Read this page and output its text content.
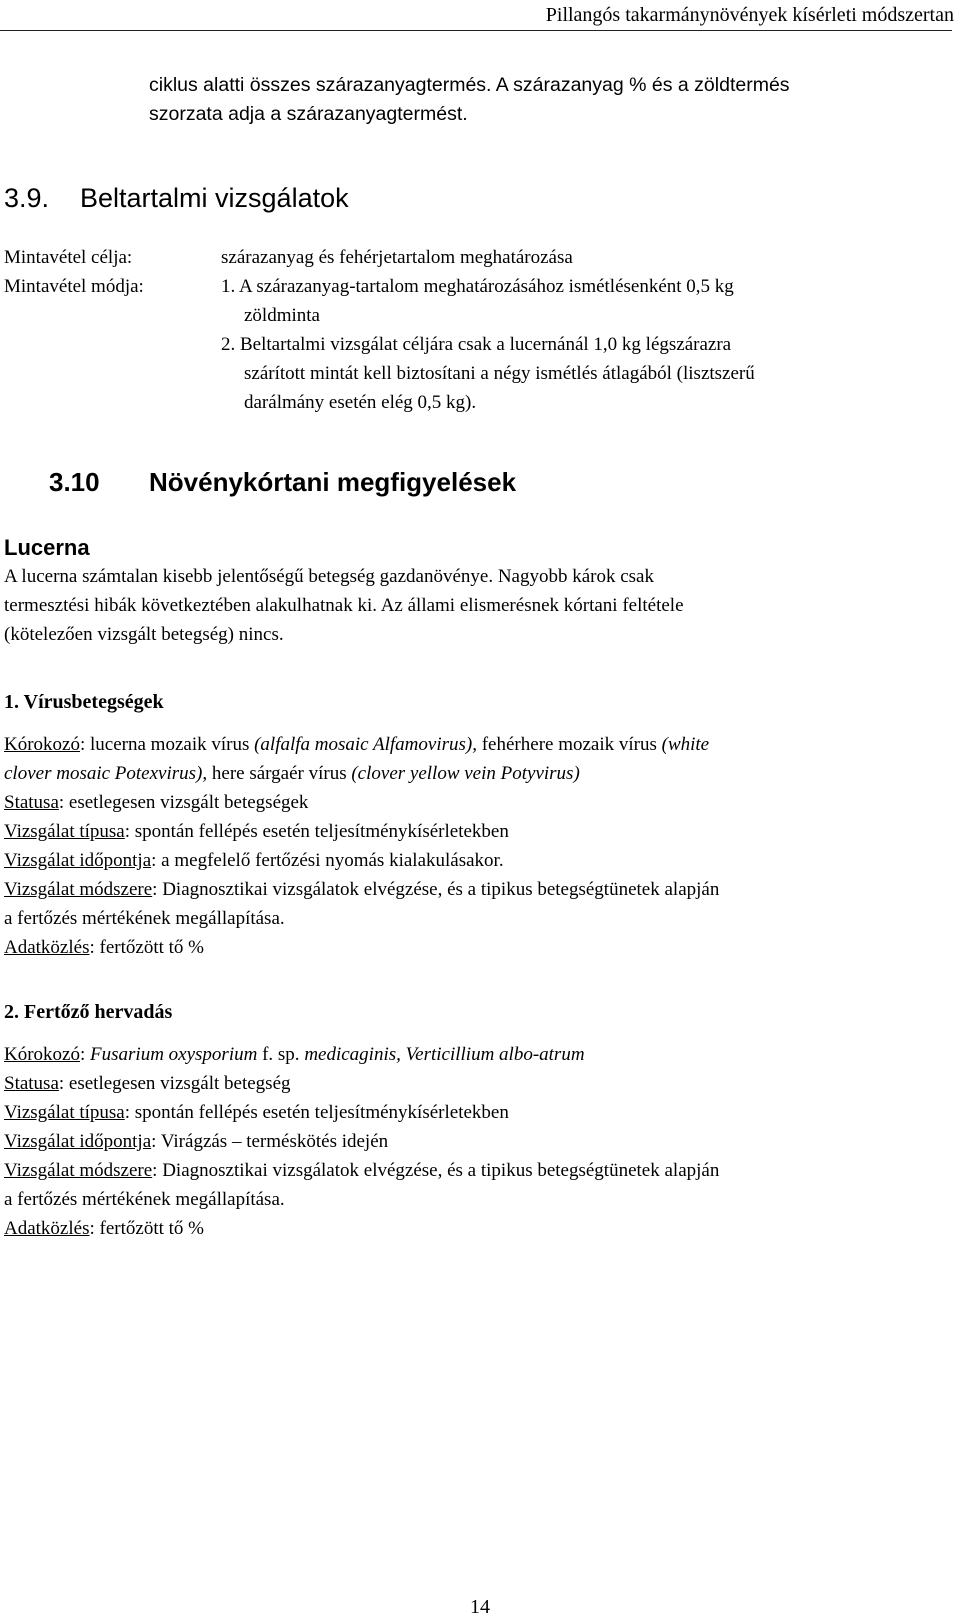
Pillangós takarmánynövények kísérleti módszertan
ciklus alatti összes szárazanyagtermés. A szárazanyag % és a zöldtermés
szorzata adja a szárazanyagtermést.
3.9. Beltartalmi vizsgálatok
Mintavétel célja:	szárazanyag és fehérjetartalom meghatározása
Mintavétel módja:	1. A szárazanyag-tartalom meghatározásához ismétlésenként 0,5 kg
zöldminta
2. Beltartalmi vizsgálat céljára csak a lucernánál 1,0 kg légszárazra
szárított mintát kell biztosítani a négy ismétlés átlagából (lisztszerű
darálmány esetén elég 0,5 kg).
3.10 Növénykórtani megfigyelések
Lucerna
A lucerna számtalan kisebb jelentőségű betegség gazdanövénye. Nagyobb károk csak
termesztési hibák következtében alakulhatnak ki. Az állami elismerésnek kórtani feltétele
(kötelezően vizsgált betegség) nincs.
1. Vírusbetegségek
Kórokozó: lucerna mozaik vírus (alfalfa mosaic Alfamovirus), fehérhere mozaik vírus (white
clover mosaic Potexvirus), here sárgaér vírus (clover yellow vein Potyvirus)
Statusa: esetlegesen vizsgált betegségek
Vizsgálat típusa: spontán fellépés esetén teljesítménykísérletekben
Vizsgálat időpontja: a megfelelő fertőzési nyomás kialakulásakor.
Vizsgálat módszere: Diagnosztikai vizsgálatok elvégzése, és a tipikus betegségtünetek alapján
a fertőzés mértékének megállapítása.
Adatközlés: fertőzött tő %
2. Fertőző hervadás
Kórokozó: Fusarium oxysporium f. sp. medicaginis, Verticillium albo-atrum
Statusa: esetlegesen vizsgált betegség
Vizsgálat típusa: spontán fellépés esetén teljesítménykísérletekben
Vizsgálat időpontja: Virágzás – terméskötés idején
Vizsgálat módszere: Diagnosztikai vizsgálatok elvégzése, és a tipikus betegségtünetek alapján
a fertőzés mértékének megállapítása.
Adatközlés: fertőzött tő %
14
